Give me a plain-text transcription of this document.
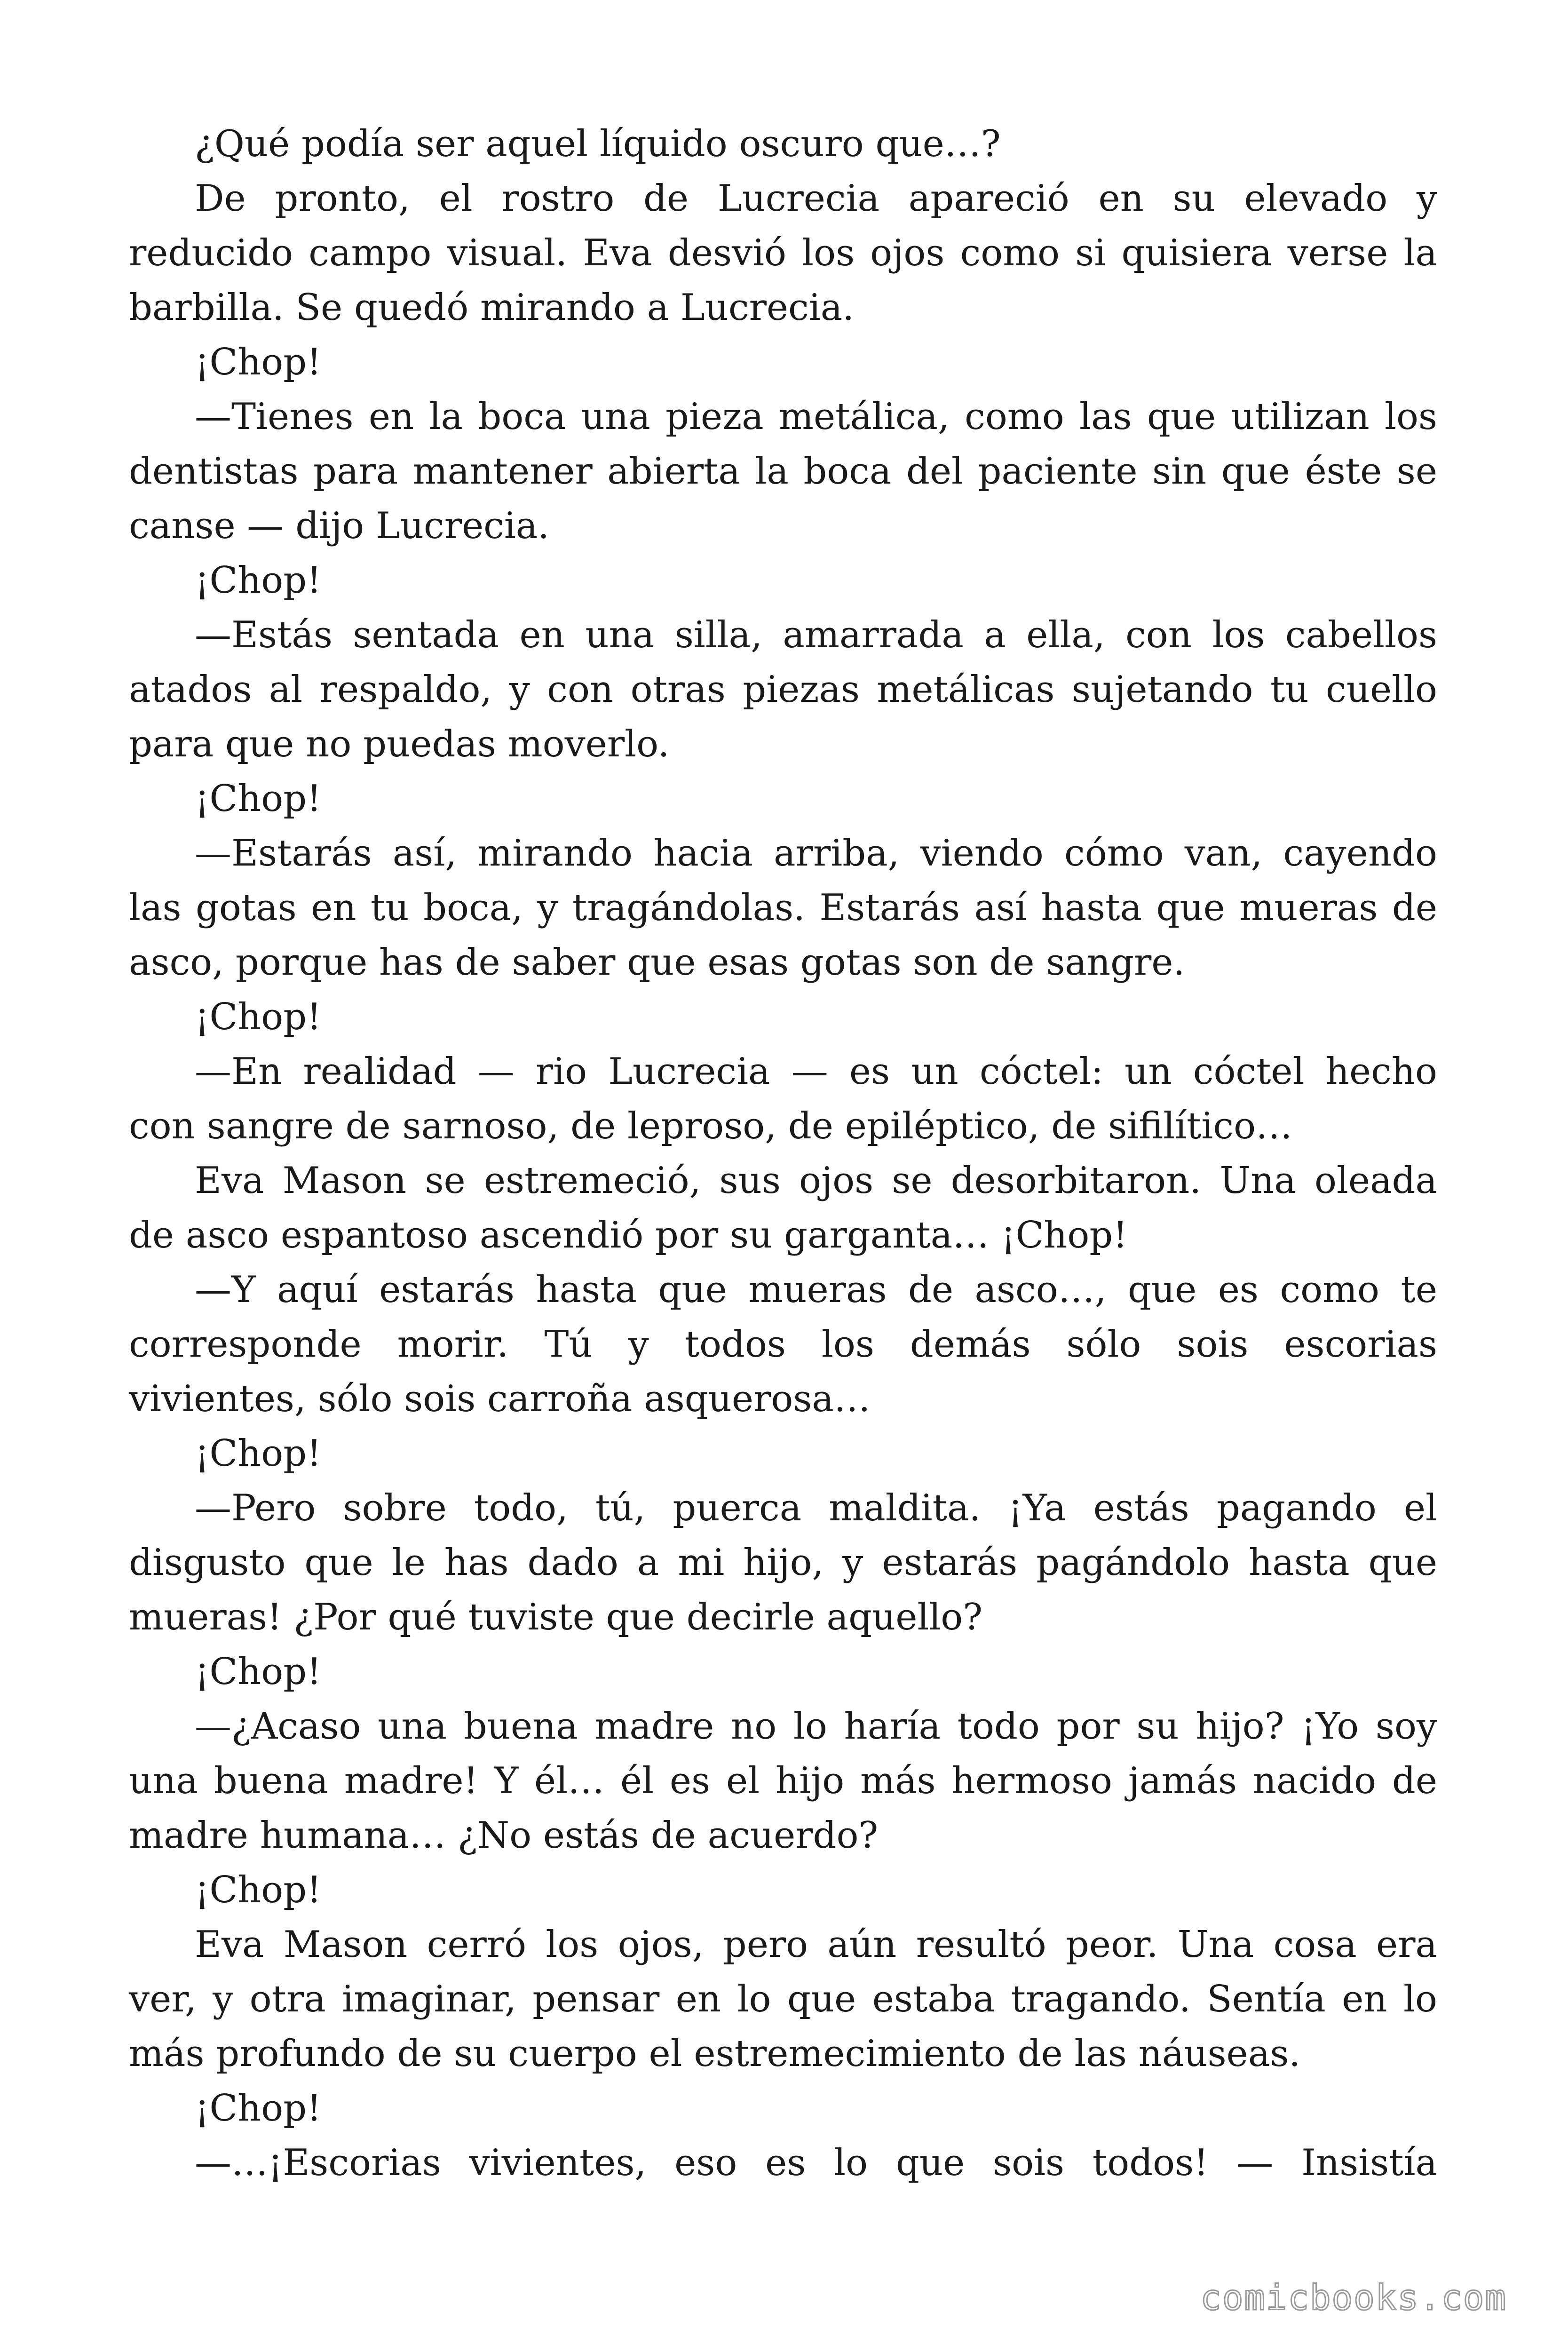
¿Qué podía ser aquel líquido oscuro que…?
De pronto, el rostro de Lucrecia apareció en su elevado y
reducido campo visual. Eva desvió los ojos como si quisiera verse la
barbilla. Se quedó mirando a Lucrecia.
¡Chop!
—Tienes en la boca una pieza metálica, como las que utilizan los
dentistas para mantener abierta la boca del paciente sin que éste se
canse — dijo Lucrecia.
¡Chop!
—Estás sentada en una silla, amarrada a ella, con los cabellos
atados al respaldo, y con otras piezas metálicas sujetando tu cuello
para que no puedas moverlo.
¡Chop!
—Estarás así, mirando hacia arriba, viendo cómo van, cayendo
las gotas en tu boca, y tragándolas. Estarás así hasta que mueras de
asco, porque has de saber que esas gotas son de sangre.
¡Chop!
—En realidad — rio Lucrecia — es un cóctel: un cóctel hecho
con sangre de sarnoso, de leproso, de epiléptico, de sifilítico…
Eva Mason se estremeció, sus ojos se desorbitaron. Una oleada
de asco espantoso ascendió por su garganta… ¡Chop!
—Y aquí estarás hasta que mueras de asco…, que es como te
corresponde morir. Tú y todos los demás sólo sois escorias
vivientes, sólo sois carroña asquerosa…
¡Chop!
—Pero sobre todo, tú, puerca maldita. ¡Ya estás pagando el
disgusto que le has dado a mi hijo, y estarás pagándolo hasta que
mueras! ¿Por qué tuviste que decirle aquello?
¡Chop!
—¿Acaso una buena madre no lo haría todo por su hijo? ¡Yo soy
una buena madre! Y él… él es el hijo más hermoso jamás nacido de
madre humana… ¿No estás de acuerdo?
¡Chop!
Eva Mason cerró los ojos, pero aún resultó peor. Una cosa era
ver, y otra imaginar, pensar en lo que estaba tragando. Sentía en lo
más profundo de su cuerpo el estremecimiento de las náuseas.
¡Chop!
—…¡Escorias vivientes, eso es lo que sois todos! — Insistía
comicbooks.com
